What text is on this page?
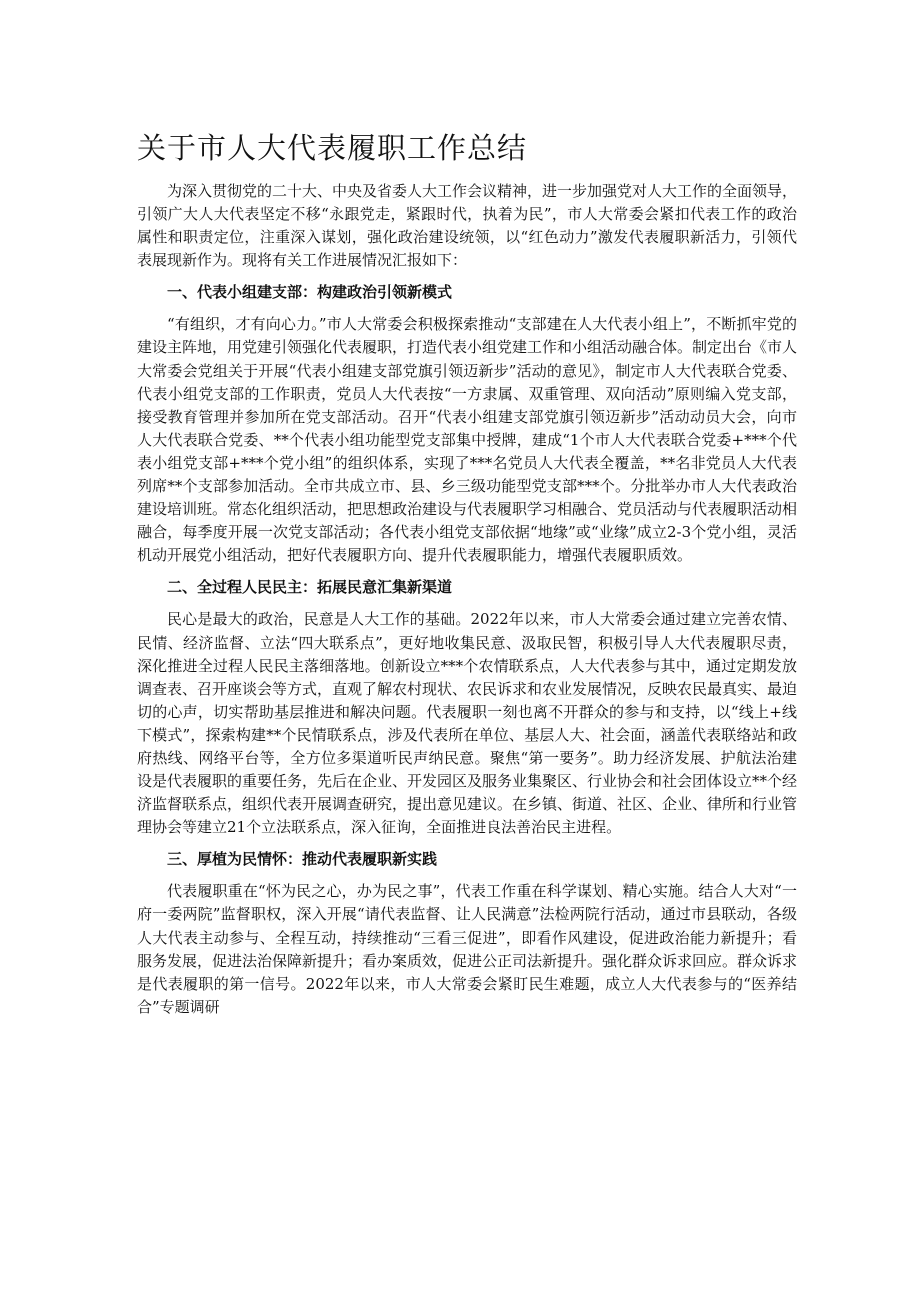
关于市人大代表履职工作总结

为深入贯彻党的二十大、中央及省委人大工作会议精神，进一步加强党对人大工作的全面领导，引领广大人大代表坚定不移“永跟党走，紧跟时代，执着为民”，市人大常委会紧扣代表工作的政治属性和职责定位，注重深入谋划，强化政治建设统领，以“红色动力”激发代表履职新活力，引领代表展现新作为。现将有关工作进展情况汇报如下：

一、代表小组建支部：构建政治引领新模式

“有组织，才有向心力。”市人大常委会积极探索推动“支部建在人大代表小组上”，不断抓牢党的建设主阵地，用党建引领强化代表履职，打造代表小组党建工作和小组活动融合体。制定出台《市人大常委会党组关于开展“代表小组建支部党旗引领迈新步”活动的意见》，制定市人大代表联合党委、代表小组党支部的工作职责，党员人大代表按“一方隶属、双重管理、双向活动”原则编入党支部，接受教育管理并参加所在党支部活动。召开“代表小组建支部党旗引领迈新步”活动动员大会，向市人大代表联合党委、**个代表小组功能型党支部集中授牌，建成“1个市人大代表联合党委+***个代表小组党支部+***个党小组”的组织体系，实现了***名党员人大代表全覆盖，**名非党员人大代表列席**个支部参加活动。全市共成立市、县、乡三级功能型党支部***个。分批举办市人大代表政治建设培训班。常态化组织活动，把思想政治建设与代表履职学习相融合、党员活动与代表履职活动相融合，每季度开展一次党支部活动；各代表小组党支部依据“地缘”或“业缘”成立2-3个党小组，灵活机动开展党小组活动，把好代表履职方向、提升代表履职能力，增强代表履职质效。

二、全过程人民民主：拓展民意汇集新渠道

民心是最大的政治，民意是人大工作的基础。2022年以来，市人大常委会通过建立完善农情、民情、经济监督、立法“四大联系点”，更好地收集民意、汲取民智，积极引导人大代表履职尽责，深化推进全过程人民民主落细落地。创新设立***个农情联系点，人大代表参与其中，通过定期发放调查表、召开座谈会等方式，直观了解农村现状、农民诉求和农业发展情况，反映农民最真实、最迫切的心声，切实帮助基层推进和解决问题。代表履职一刻也离不开群众的参与和支持，以“线上+线下模式”，探索构建**个民情联系点，涉及代表所在单位、基层人大、社会面，涵盖代表联络站和政府热线、网络平台等，全方位多渠道听民声纳民意。聚焦“第一要务”。助力经济发展、护航法治建设是代表履职的重要任务，先后在企业、开发园区及服务业集聚区、行业协会和社会团体设立**个经济监督联系点，组织代表开展调查研究，提出意见建议。在乡镇、街道、社区、企业、律所和行业管理协会等建立21个立法联系点，深入征询，全面推进良法善治民主进程。

三、厚植为民情怀：推动代表履职新实践

代表履职重在“怀为民之心，办为民之事”，代表工作重在科学谋划、精心实施。结合人大对“一府一委两院”监督职权，深入开展“请代表监督、让人民满意”法检两院行活动，通过市县联动，各级人大代表主动参与、全程互动，持续推动“三看三促进”，即看作风建设，促进政治能力新提升；看服务发展，促进法治保障新提升；看办案质效，促进公正司法新提升。强化群众诉求回应。群众诉求是代表履职的第一信号。2022年以来，市人大常委会紧盯民生难题，成立人大代表参与的“医养结合”专题调研
